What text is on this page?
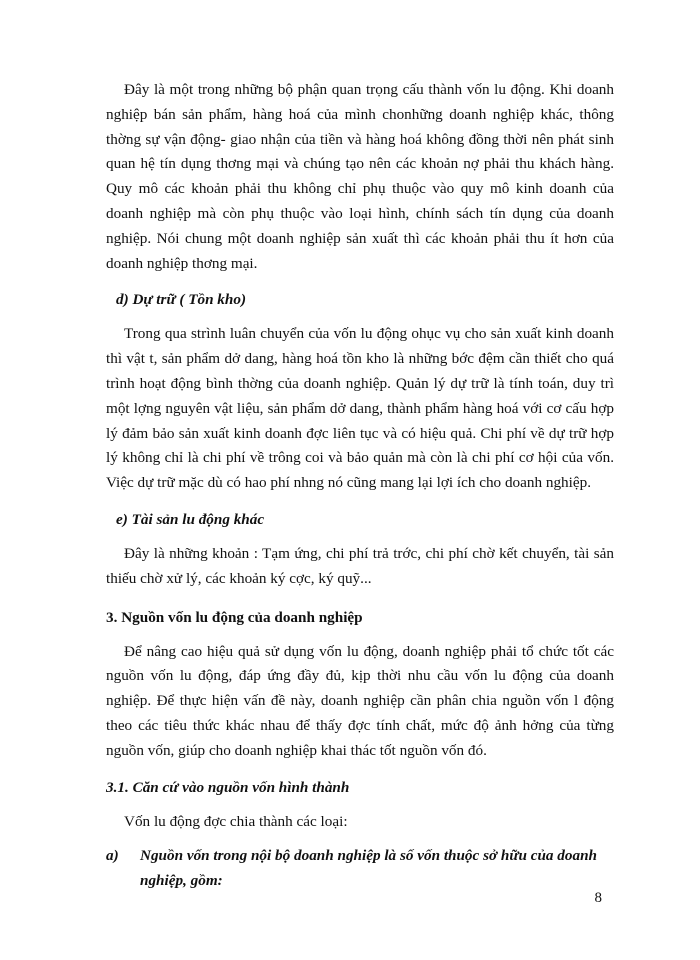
Đây là một trong những bộ phận quan trọng cấu thành vốn lu động. Khi doanh nghiệp bán sản phẩm, hàng hoá của mình chonhững doanh nghiệp khác, thông thờng sự vận động- giao nhận của tiền và hàng hoá không đồng thời nên phát sinh quan hệ tín dụng thơng mại và chúng tạo nên các khoản nợ phải thu khách hàng. Quy mô các khoản phải thu không chỉ phụ thuộc vào quy mô kinh doanh của doanh nghiệp mà còn phụ thuộc vào loại hình, chính sách tín dụng của doanh nghiệp. Nói chung một doanh nghiệp sản xuất thì các khoản phải thu ít hơn của doanh nghiệp thơng mại.

d) Dự trữ ( Tồn kho)

Trong qua strình luân chuyển của vốn lu động ohục vụ cho sản xuất kinh doanh thì vật t, sản phẩm dở dang, hàng hoá tồn kho là những bớc đệm cần thiết cho quá trình hoạt động bình thờng của doanh nghiệp. Quản lý dự trữ là tính toán, duy trì một lợng nguyên vật liệu, sản phẩm dở dang, thành phẩm hàng hoá với cơ cấu hợp lý đảm bảo sản xuất kinh doanh đợc liên tục và có hiệu quả. Chi phí về dự trữ hợp lý không chỉ là chi phí về trông coi và bảo quản mà còn là chi phí cơ hội của vốn. Việc dự trữ mặc dù có hao phí nhng nó cũng mang lại lợi ích cho doanh nghiệp.

e) Tài sản lu động khác

Đây là những khoản : Tạm ứng, chi phí trả trớc, chi phí chờ kết chuyển, tài sản thiếu chờ xử lý, các khoản ký cợc, ký quỹ...

3. Nguồn vốn lu động của doanh nghiệp

Để nâng cao hiệu quả sử dụng vốn lu động, doanh nghiệp phải tổ chức tốt các nguồn vốn lu động, đáp ứng đầy đủ, kịp thời nhu cầu vốn lu động của doanh nghiệp. Để thực hiện vấn đề này, doanh nghiệp cần phân chia nguồn vốn l động theo các tiêu thức khác nhau để thấy đợc tính chất, mức độ ảnh hởng của từng nguồn vốn, giúp cho doanh nghiệp khai thác tốt nguồn vốn đó.

3.1. Căn cứ vào nguồn vốn hình thành

Vốn lu động đợc chia thành các loại:

a)	Nguồn vốn trong nội bộ doanh nghiệp là số vốn thuộc sở hữu của doanh nghiệp, gồm:
8
